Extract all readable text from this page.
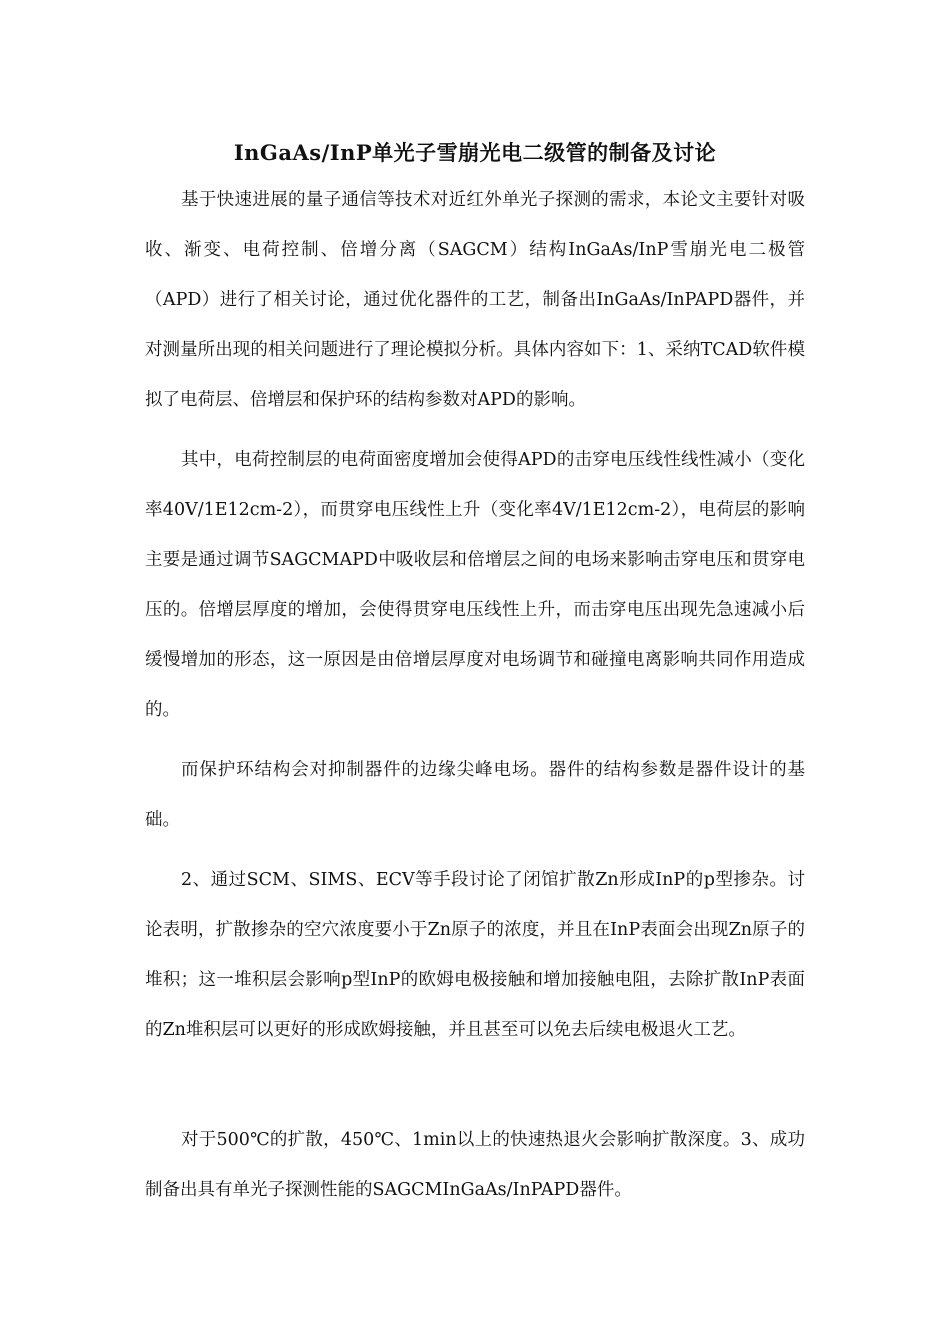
InGaAs/InP单光子雪崩光电二级管的制备及讨论

基于快速进展的量子通信等技术对近红外单光子探测的需求，本论文主要针对吸收、渐变、电荷控制、倍增分离（SAGCM）结构InGaAs/InP雪崩光电二极管（APD）进行了相关讨论，通过优化器件的工艺，制备出InGaAs/InPAPD器件，并对测量所出现的相关问题进行了理论模拟分析。具体内容如下：1、采纳TCAD软件模拟了电荷层、倍增层和保护环的结构参数对APD的影响。

其中，电荷控制层的电荷面密度增加会使得APD的击穿电压线性线性减小（变化率40V/1E12cm-2），而贯穿电压线性上升（变化率4V/1E12cm-2），电荷层的影响主要是通过调节SAGCMAPD中吸收层和倍增层之间的电场来影响击穿电压和贯穿电压的。倍增层厚度的增加，会使得贯穿电压线性上升，而击穿电压出现先急速减小后缓慢增加的形态，这一原因是由倍增层厚度对电场调节和碰撞电离影响共同作用造成的。

而保护环结构会对抑制器件的边缘尖峰电场。器件的结构参数是器件设计的基础。

2、通过SCM、SIMS、ECV等手段讨论了闭馆扩散Zn形成InP的p型掺杂。讨论表明，扩散掺杂的空穴浓度要小于Zn原子的浓度，并且在InP表面会出现Zn原子的堆积；这一堆积层会影响p型InP的欧姆电极接触和增加接触电阻，去除扩散InP表面的Zn堆积层可以更好的形成欧姆接触，并且甚至可以免去后续电极退火工艺。

对于500℃的扩散，450℃、1min以上的快速热退火会影响扩散深度。3、成功制备出具有单光子探测性能的SAGCMInGaAs/InPAPD器件。
